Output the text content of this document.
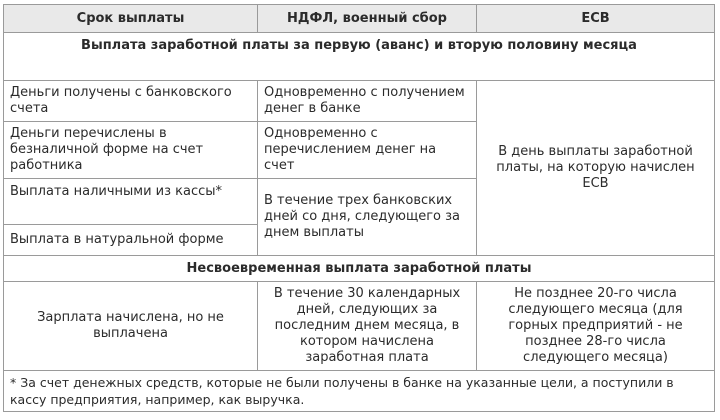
Срок выплаты	НДФЛ, военный сбор	ЕСВ
Выплата заработной платы за первую (аванс) и вторую половину месяца		
Деньги получены с банковского счета	Одновременно с получением денег в банке	В день выплаты заработной платы, на которую начислен ЕСВ
Деньги перечислены в безналичной форме на счет работника	Одновременно с перечислением денег на счет	
Выплата наличными из кассы*	В течение трех банковских дней со дня, следующего за днем выплаты	
Выплата в натуральной форме		
Несвоевременная выплата заработной платы		
Зарплата начислена, но не выплачена	В течение 30 календарных дней, следующих за последним днем месяца, в котором начислена заработная плата	Не позднее 20-го числа следующего месяца (для горных предприятий - не позднее 28-го числа следующего месяца)
* За счет денежных средств, которые не были получены в банке на указанные цели, а поступили в кассу предприятия, например, как выручка.		
